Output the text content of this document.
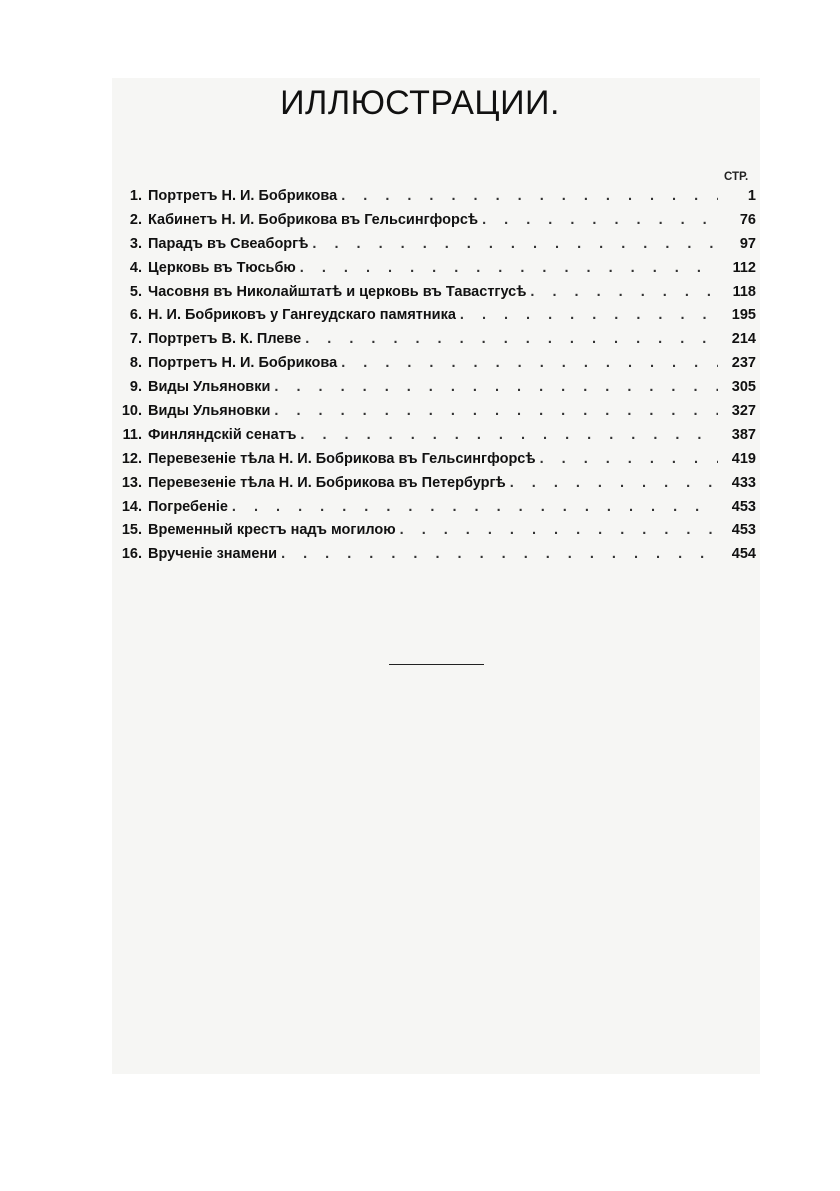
ИЛЛЮСТРАЦИИ.
СТР.
1. Портретъ Н. И. Бобрикова . . .	1
2. Кабинетъ Н. И. Бобрикова въ Гельсингфорсѣ . . .	76
3. Парадъ въ Свеаборгѣ . . .	97
4. Церковь въ Тюсьбю . . .	112
5. Часовня въ Николайштатѣ и церковь въ Тавастгусѣ . . .	118
6. Н. И. Бобриковъ у Гангеудскаго памятника . . .	195
7. Портретъ В. К. Плеве . . .	214
8. Портретъ Н. И. Бобрикова . . .	237
9. Виды Ульяновки . . .	305
10. Виды Ульяновки . . .	327
11. Финляндскій сенатъ . . .	387
12. Перевезеніе тѣла Н. И. Бобрикова въ Гельсингфорсѣ . . .	419
13. Перевезеніе тѣла Н. И. Бобрикова въ Петербургѣ . . .	433
14. Погребеніе . . .	453
15. Временный крестъ надъ могилою . . .	453
16. Врученіе знамени . . .	454
